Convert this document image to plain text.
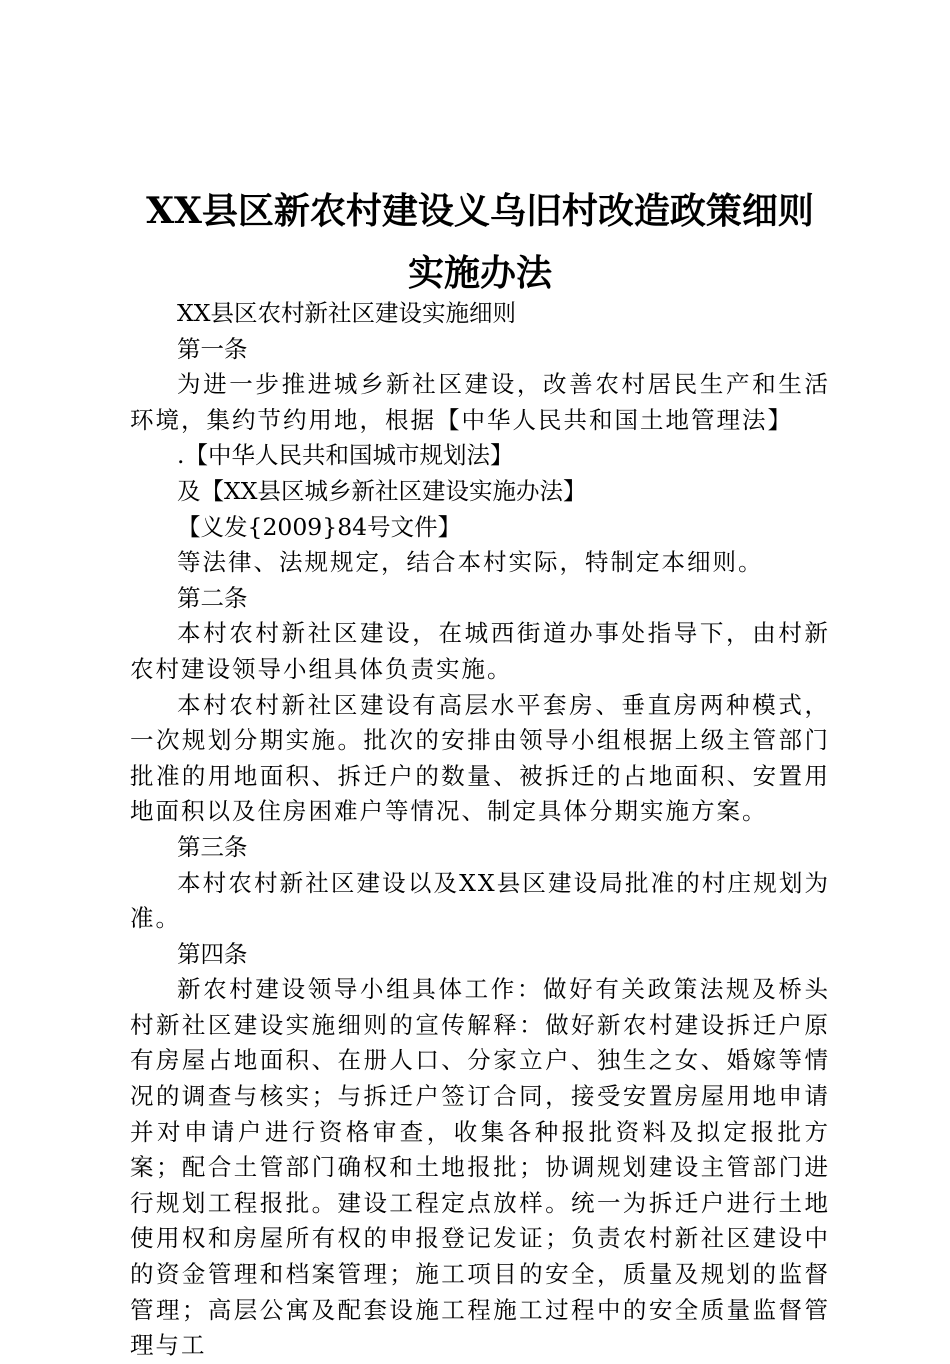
XX县区新农村建设义乌旧村改造政策细则实施办法

XX县区农村新社区建设实施细则

第一条

为进一步推进城乡新社区建设，改善农村居民生产和生活环境，集约节约用地，根据【中华人民共和国土地管理法】

.【中华人民共和国城市规划法】

及【XX县区城乡新社区建设实施办法】

【义发{2009}84号文件】

等法律、法规规定，结合本村实际，特制定本细则。

第二条

本村农村新社区建设，在城西街道办事处指导下，由村新农村建设领导小组具体负责实施。

本村农村新社区建设有高层水平套房、垂直房两种模式，一次规划分期实施。批次的安排由领导小组根据上级主管部门批准的用地面积、拆迁户的数量、被拆迁的占地面积、安置用地面积以及住房困难户等情况、制定具体分期实施方案。

第三条

本村农村新社区建设以及XX县区建设局批准的村庄规划为准。

第四条

新农村建设领导小组具体工作：做好有关政策法规及桥头村新社区建设实施细则的宣传解释：做好新农村建设拆迁户原有房屋占地面积、在册人口、分家立户、独生之女、婚嫁等情况的调查与核实；与拆迁户签订合同，接受安置房屋用地申请并对申请户进行资格审查，收集各种报批资料及拟定报批方案；配合土管部门确权和土地报批；协调规划建设主管部门进行规划工程报批。建设工程定点放样。统一为拆迁户进行土地使用权和房屋所有权的申报登记发证；负责农村新社区建设中的资金管理和档案管理；施工项目的安全，质量及规划的监督管理；高层公寓及配套设施工程施工过程中的安全质量监督管理与工
